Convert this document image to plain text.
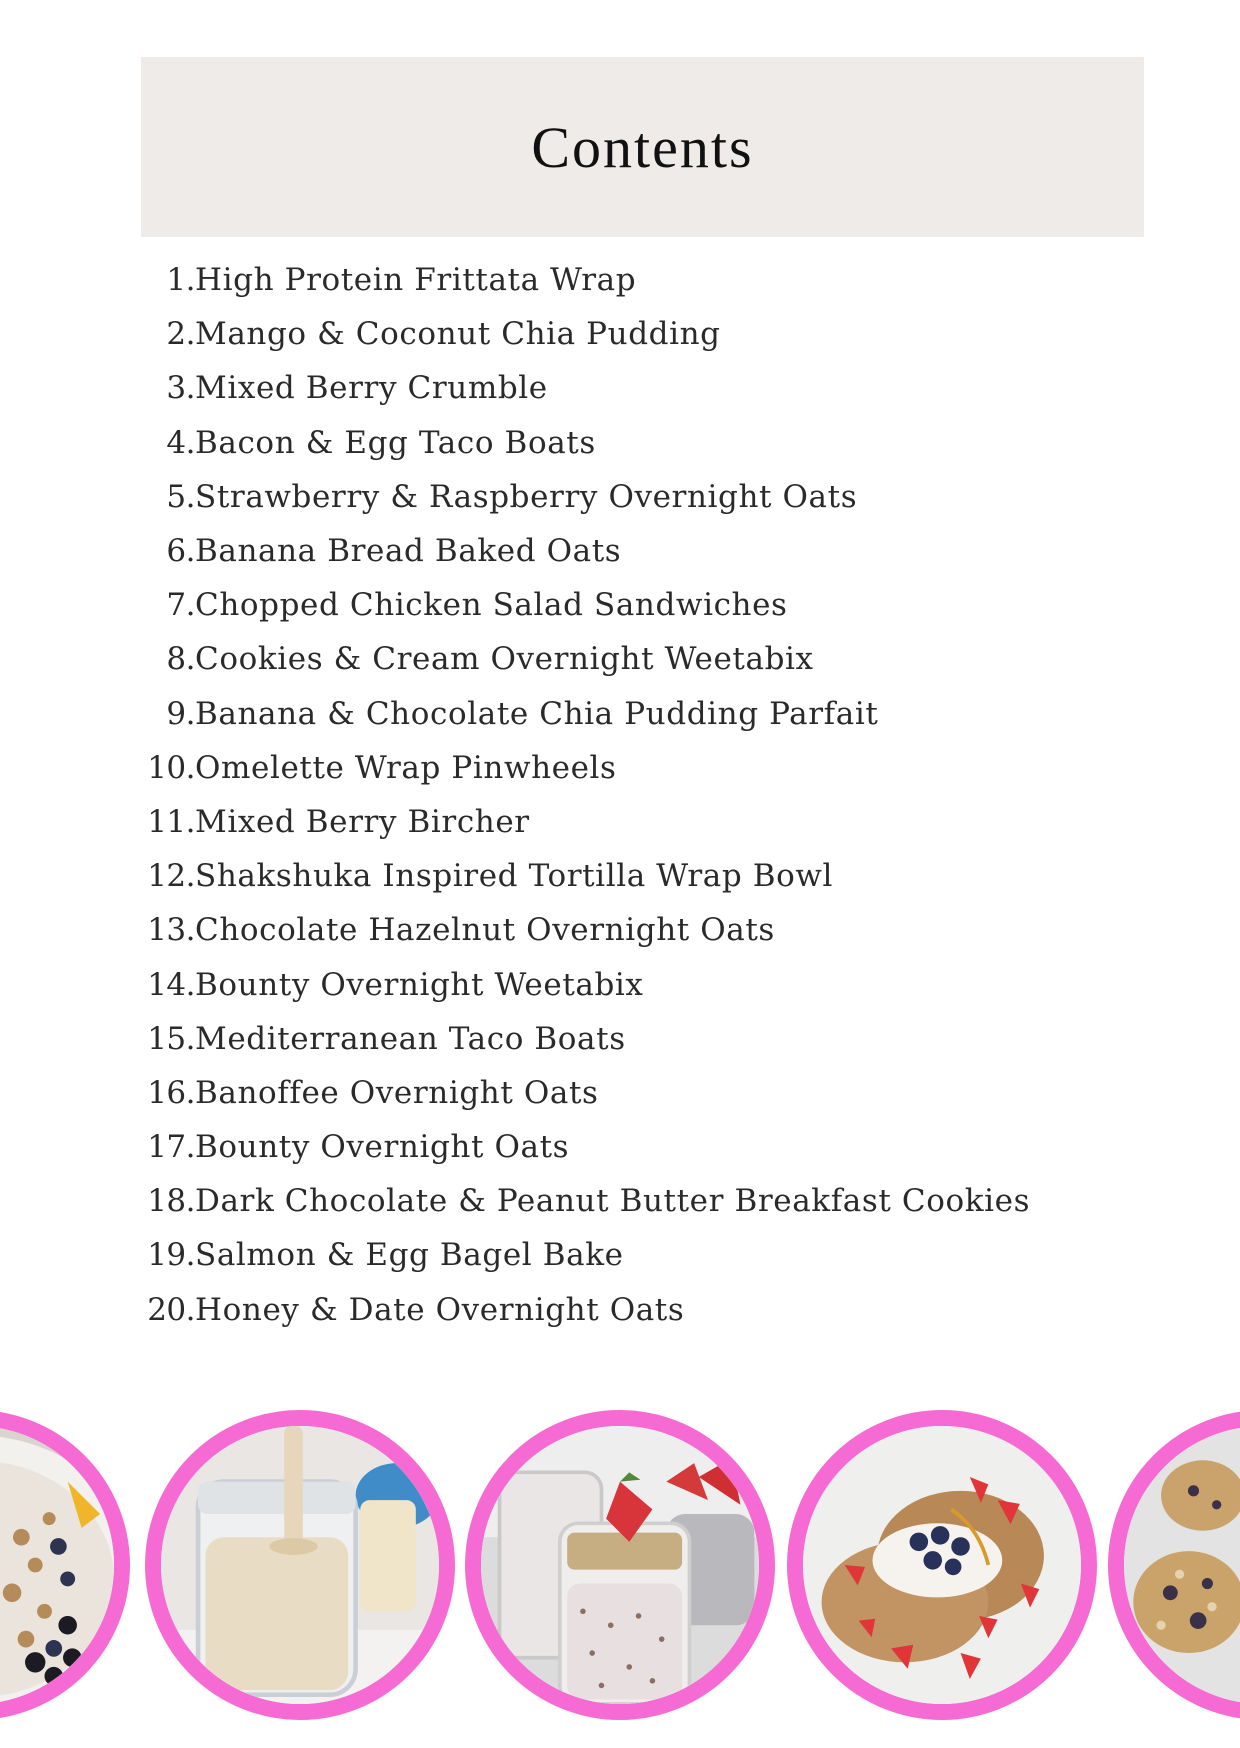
Contents
1. High Protein Frittata Wrap
2. Mango & Coconut Chia Pudding
3. Mixed Berry Crumble
4. Bacon & Egg Taco Boats
5. Strawberry & Raspberry Overnight Oats
6. Banana Bread Baked Oats
7. Chopped Chicken Salad Sandwiches
8. Cookies & Cream Overnight Weetabix
9. Banana & Chocolate Chia Pudding Parfait
10. Omelette Wrap Pinwheels
11. Mixed Berry Bircher
12. Shakshuka Inspired Tortilla Wrap Bowl
13. Chocolate Hazelnut Overnight Oats
14. Bounty Overnight Weetabix
15. Mediterranean Taco Boats
16. Banoffee Overnight Oats
17. Bounty Overnight Oats
18. Dark Chocolate & Peanut Butter Breakfast Cookies
19. Salmon & Egg Bagel Bake
20. Honey & Date Overnight Oats
